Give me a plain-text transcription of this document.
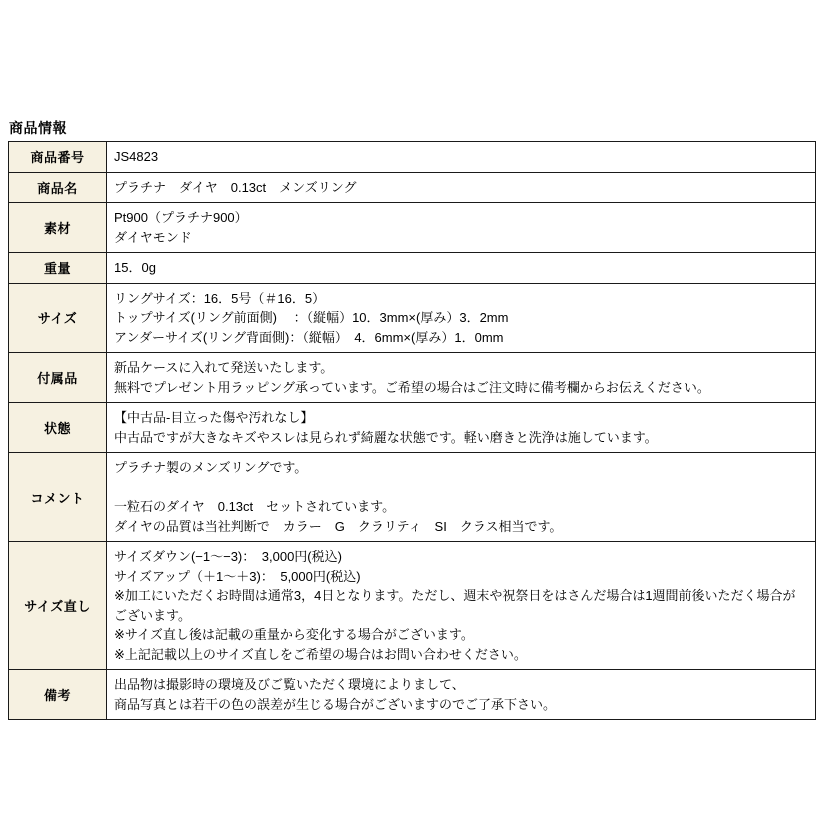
商品情報
商品番号	JS4823

商品名	プラチナ　ダイヤ　0.13ct　メンズリング

素材	Pt900（プラチナ900）
ダイヤモンド

重量	15．0g

サイズ	リングサイズ：16．5号（＃16．5）
トップサイズ(リング前面側)　 ：（縦幅）10．3mm×(厚み）3．2mm
アンダーサイズ(リング背面側)：（縦幅）　4．6mm×(厚み）1．0mm

付属品	新品ケースに入れて発送いたします。
無料でプレゼント用ラッピング承っています。ご希望の場合はご注文時に備考欄からお伝えください。

状態	【中古品-目立った傷や汚れなし】
中古品ですが大きなキズやスレは見られず綺麗な状態です。軽い磨きと洗浄は施しています。

コメント	プラチナ製のメンズリングです。
一粒石のダイヤ　0.13ct　セットされています。
ダイヤの品質は当社判断で　カラー　G　クラリティ　SI　クラス相当です。

サイズ直し	サイズダウン(−1〜−3)：　3,000円(税込)
サイズアップ（＋1〜＋3)：　5,000円(税込)
※加工にいただくお時間は通常3，4日となります。ただし、週末や祝祭日をはさんだ場合は1週間前後いただく場合がございます。
※サイズ直し後は記載の重量から変化する場合がございます。
※上記記載以上のサイズ直しをご希望の場合はお問い合わせください。

備考	出品物は撮影時の環境及びご覧いただく環境によりまして、
商品写真とは若干の色の誤差が生じる場合がございますのでご了承下さい。
